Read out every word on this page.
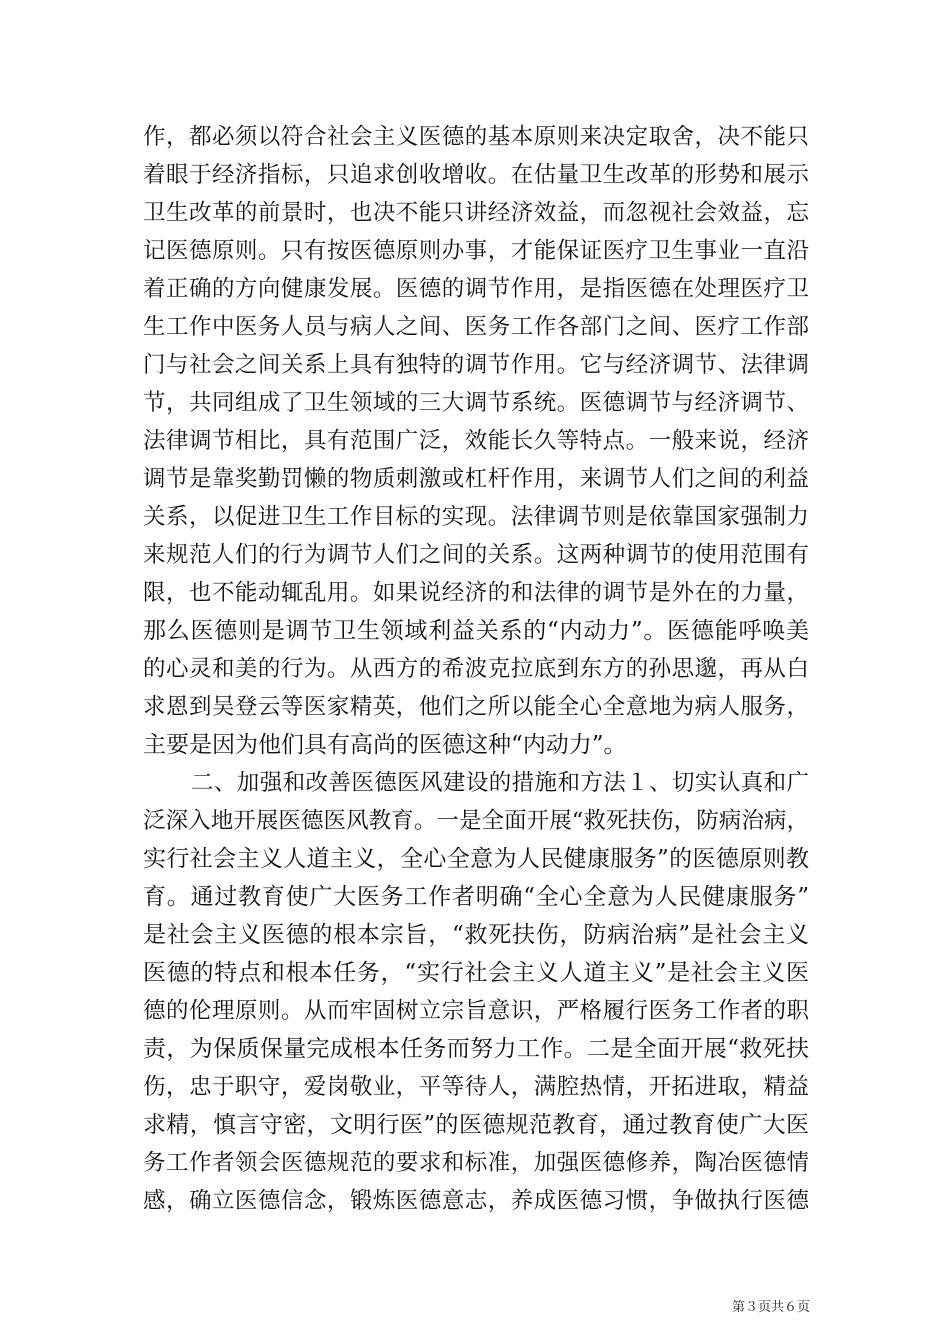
作，都必须以符合社会主义医德的基本原则来决定取舍，决不能只
着眼于经济指标，只追求创收增收。在估量卫生改革的形势和展示
卫生改革的前景时，也决不能只讲经济效益，而忽视社会效益，忘
记医德原则。只有按医德原则办事，才能保证医疗卫生事业一直沿
着正确的方向健康发展。医德的调节作用，是指医德在处理医疗卫
生工作中医务人员与病人之间、医务工作各部门之间、医疗工作部
门与社会之间关系上具有独特的调节作用。它与经济调节、法律调
节，共同组成了卫生领域的三大调节系统。医德调节与经济调节、
法律调节相比，具有范围广泛，效能长久等特点。一般来说，经济
调节是靠奖勤罚懒的物质刺激或杠杆作用，来调节人们之间的利益
关系，以促进卫生工作目标的实现。法律调节则是依靠国家强制力
来规范人们的行为调节人们之间的关系。这两种调节的使用范围有
限，也不能动辄乱用。如果说经济的和法律的调节是外在的力量，
那么医德则是调节卫生领域利益关系的“内动力”。医德能呼唤美
的心灵和美的行为。从西方的希波克拉底到东方的孙思邈，再从白
求恩到吴登云等医家精英，他们之所以能全心全意地为病人服务，
主要是因为他们具有高尚的医德这种“内动力”。
二、加强和改善医德医风建设的措施和方法１、切实认真和广
泛深入地开展医德医风教育。一是全面开展“救死扶伤，防病治病，
实行社会主义人道主义，全心全意为人民健康服务”的医德原则教
育。通过教育使广大医务工作者明确“全心全意为人民健康服务”
是社会主义医德的根本宗旨，“救死扶伤，防病治病”是社会主义
医德的特点和根本任务，“实行社会主义人道主义”是社会主义医
德的伦理原则。从而牢固树立宗旨意识，严格履行医务工作者的职
责，为保质保量完成根本任务而努力工作。二是全面开展“救死扶
伤，忠于职守，爱岗敬业，平等待人，满腔热情，开拓进取，精益
求精，慎言守密，文明行医”的医德规范教育，通过教育使广大医
务工作者领会医德规范的要求和标准，加强医德修养，陶冶医德情
感，确立医德信念，锻炼医德意志，养成医德习惯，争做执行医德
第３页共６页
